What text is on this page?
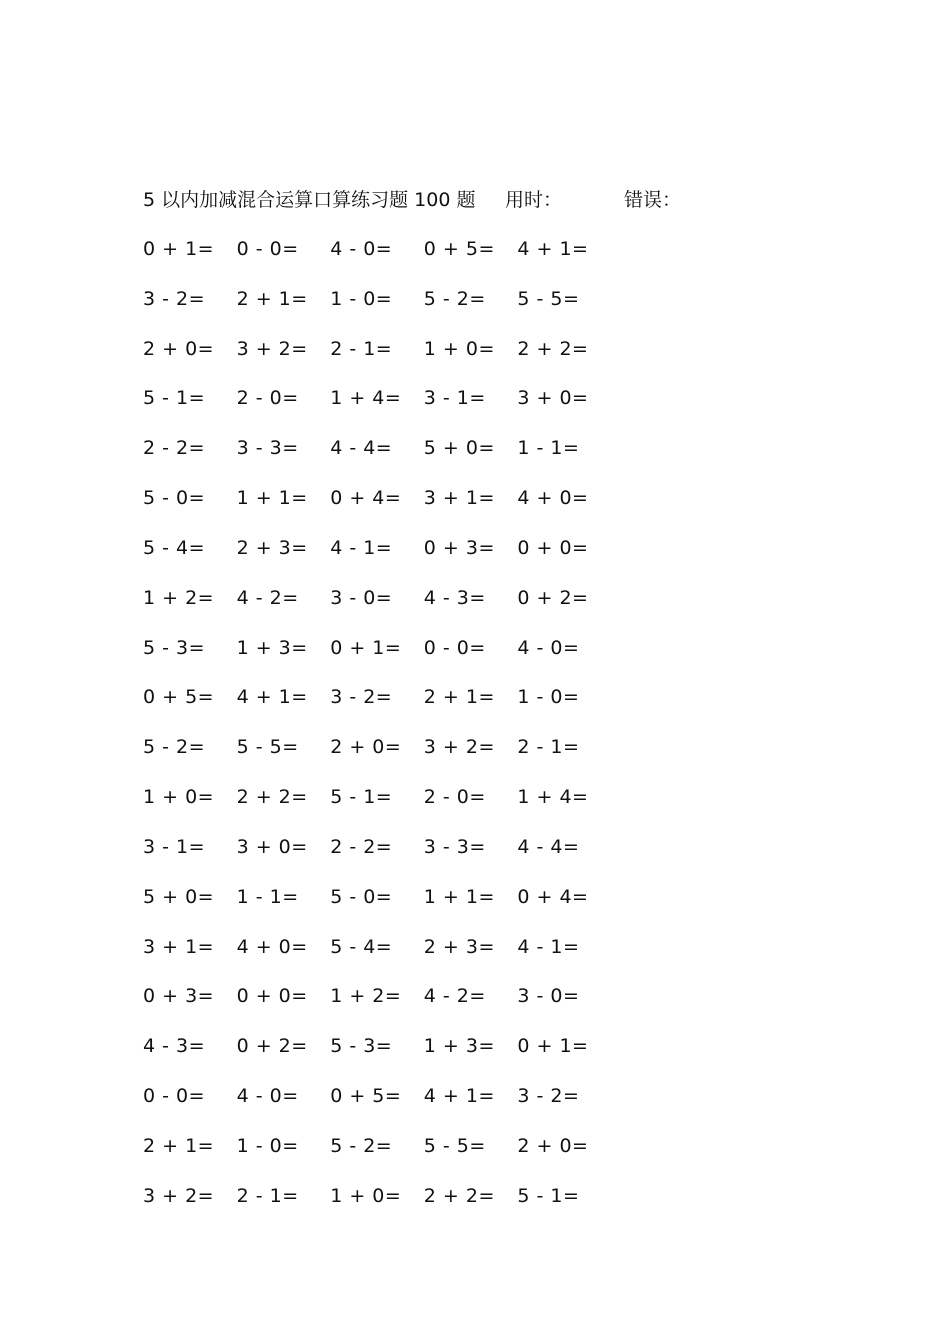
5 以内加减混合运算口算练习题 100 题 用时：	错误：
0 + 1=	0 - 0=	4 - 0=	0 + 5=	4 + 1=
3 - 2=	2 + 1=	1 - 0=	5 - 2=	5 - 5=
2 + 0=	3 + 2=	2 - 1=	1 + 0=	2 + 2=
5 - 1=	2 - 0=	1 + 4=	3 - 1=	3 + 0=
2 - 2=	3 - 3=	4 - 4=	5 + 0=	1 - 1=
5 - 0=	1 + 1=	0 + 4=	3 + 1=	4 + 0=
5 - 4=	2 + 3=	4 - 1=	0 + 3=	0 + 0=
1 + 2=	4 - 2=	3 - 0=	4 - 3=	0 + 2=
5 - 3=	1 + 3=	0 + 1=	0 - 0=	4 - 0=
0 + 5=	4 + 1=	3 - 2=	2 + 1=	1 - 0=
5 - 2=	5 - 5=	2 + 0=	3 + 2=	2 - 1=
1 + 0=	2 + 2=	5 - 1=	2 - 0=	1 + 4=
3 - 1=	3 + 0=	2 - 2=	3 - 3=	4 - 4=
5 + 0=	1 - 1=	5 - 0=	1 + 1=	0 + 4=
3 + 1=	4 + 0=	5 - 4=	2 + 3=	4 - 1=
0 + 3=	0 + 0=	1 + 2=	4 - 2=	3 - 0=
4 - 3=	0 + 2=	5 - 3=	1 + 3=	0 + 1=
0 - 0=	4 - 0=	0 + 5=	4 + 1=	3 - 2=
2 + 1=	1 - 0=	5 - 2=	5 - 5=	2 + 0=
3 + 2=	2 - 1=	1 + 0=	2 + 2=	5 - 1=
